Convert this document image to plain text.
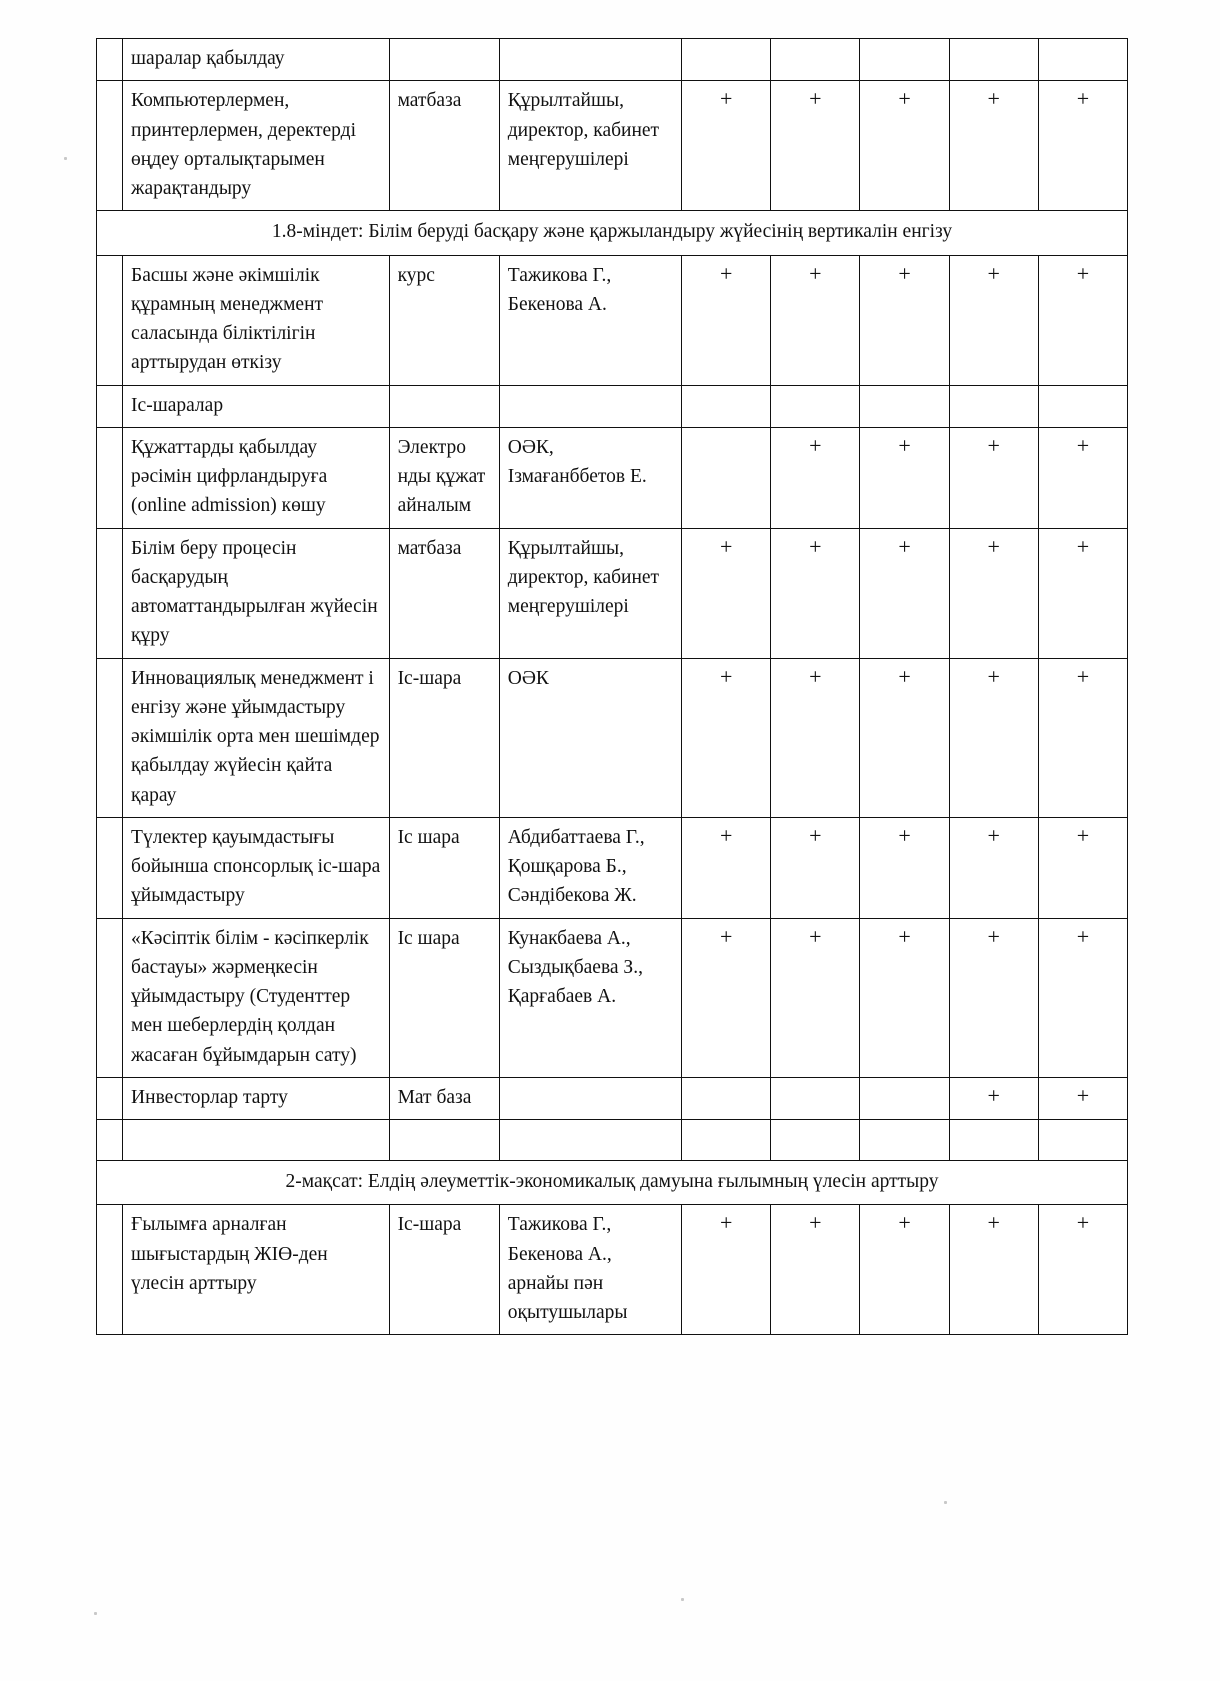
	шаралар қабылдау							
	Компьютерлермен, принтерлермен, деректерді өңдеу орталықтарымен жарақтандыру	матбаза	Құрылтайшы, директор, кабинет меңгерушілері	+	+	+	+	+
1.8-міндет: Білім беруді басқару және қаржыландыру жүйесінің вертикалін енгізу								
	Басшы және әкімшілік құрамның менеджмент саласында біліктілігін арттырудан өткізу	курс	Тажикова Г., Бекенова А.	+	+	+	+	+
	Іс-шаралар							
	Құжаттарды қабылдау рәсімін цифрландыруға (online admission) көшу	Электро нды құжат айналым	ОӘК, Ізмағанббетов Е.		+	+	+	+
	Білім беру процесін басқарудың автоматтандырылған жүйесін құру	матбаза	Құрылтайшы, директор, кабинет меңгерушілері	+	+	+	+	+
	Инновациялық менеджмент і енгізу және ұйымдастыру әкімшілік орта мен шешімдер қабылдау жүйесін қайта қарау	Іс-шара	ОӘК	+	+	+	+	+
	Түлектер қауымдастығы бойынша спонсорлық іс-шара ұйымдастыру	Іс шара	Абдибаттаева Г., Қошқарова Б., Сәндібекова Ж.	+	+	+	+	+
	«Кәсіптік білім - кәсіпкерлік бастауы» жәрмеңкесін ұйымдастыру (Студенттер мен шеберлердің қолдан жасаған бұйымдарын сату)	Іс шара	Кунакбаева А., Сыздықбаева З., Қарғабаев А.	+	+	+	+	+
	Инвесторлар тарту	Мат база					+	+

2-мақсат: Елдің әлеуметтік-экономикалық дамуына ғылымның үлесін арттыру								
	Ғылымға арналған шығыстардың ЖІӨ-ден үлесін арттыру	Іс-шара	Тажикова Г., Бекенова А., арнайы пән оқытушылары	+	+	+	+	+
